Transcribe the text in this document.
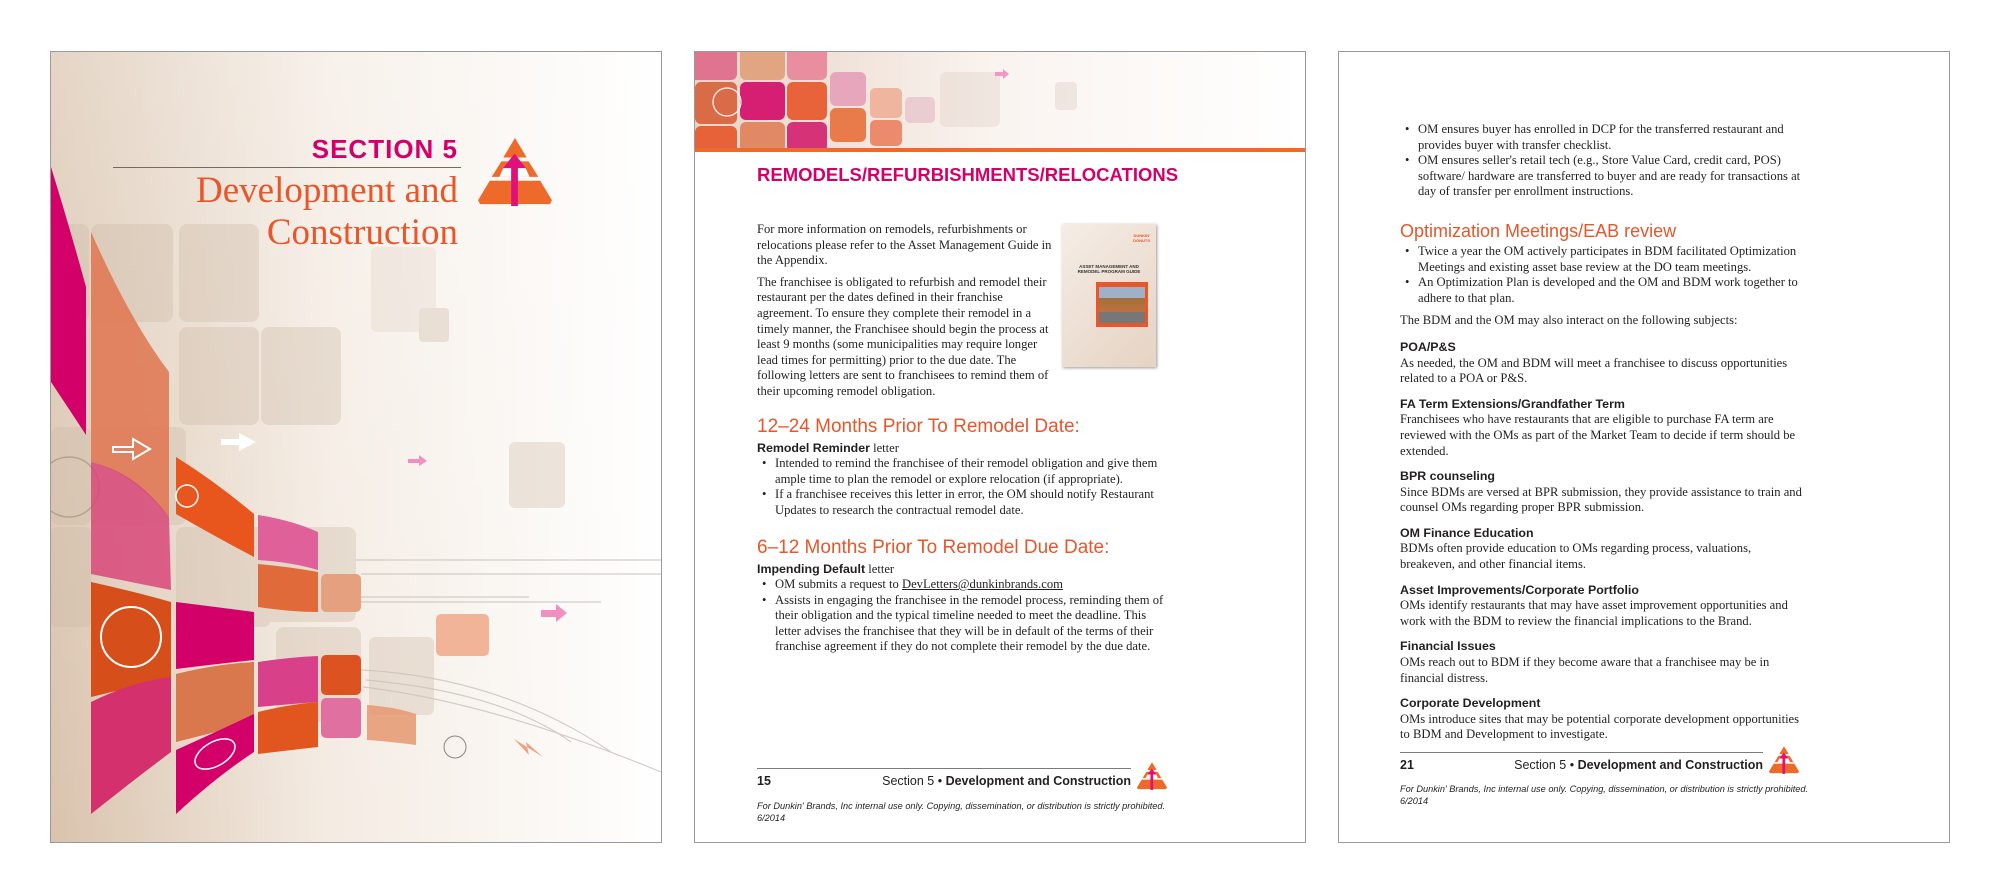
SECTION 5
Development and
Construction
REMODELS/REFURBISHMENTS/RELOCATIONS
DUNKIN' DONUTS
ASSET MANAGEMENT AND REMODEL PROGRAM GUIDE

For more information on remodels, refurbishments or relocations please refer to the Asset Management Guide in the Appendix.

The franchisee is obligated to refurbish and remodel their restaurant per the dates defined in their franchise agreement. To ensure they complete their remodel in a timely manner, the Franchisee should begin the process at least 9 months (some municipalities may require longer lead times for permitting) prior to the due date. The following letters are sent to franchisees to remind them of their upcoming remodel obligation.

12–24 Months Prior To Remodel Date:
Remodel Reminder letter
• Intended to remind the franchisee of their remodel obligation and give them ample time to plan the remodel or explore relocation (if appropriate).
• If a franchisee receives this letter in error, the OM should notify Restaurant Updates to research the contractual remodel date.
6–12 Months Prior To Remodel Due Date:
Impending Default letter
• OM submits a request to DevLetters@dunkinbrands.com
• Assists in engaging the franchisee in the remodel process, reminding them of their obligation and the typical timeline needed to meet the deadline. This letter advises the franchisee that they will be in default of the terms of their franchise agreement if they do not complete their remodel by the due date.
15	Section 5 • Development and Construction
For Dunkin' Brands, Inc internal use only. Copying, dissemination, or distribution is strictly prohibited.
6/2014
• OM ensures buyer has enrolled in DCP for the transferred restaurant and provides buyer with transfer checklist.
• OM ensures seller's retail tech (e.g., Store Value Card, credit card, POS) software/ hardware are transferred to buyer and are ready for transactions at day of transfer per enrollment instructions.
Optimization Meetings/EAB review
• Twice a year the OM actively participates in BDM facilitated Optimization Meetings and existing asset base review at the DO team meetings.
• An Optimization Plan is developed and the OM and BDM work together to adhere to that plan.

The BDM and the OM may also interact on the following subjects:

POA/P&S
As needed, the OM and BDM will meet a franchisee to discuss opportunities related to a POA or P&S.
FA Term Extensions/Grandfather Term
Franchisees who have restaurants that are eligible to purchase FA term are reviewed with the OMs as part of the Market Team to decide if term should be extended.
BPR counseling
Since BDMs are versed at BPR submission, they provide assistance to train and counsel OMs regarding proper BPR submission.
OM Finance Education
BDMs often provide education to OMs regarding process, valuations, breakeven, and other financial items.
Asset Improvements/Corporate Portfolio
OMs identify restaurants that may have asset improvement opportunities and work with the BDM to review the financial implications to the Brand.
Financial Issues
OMs reach out to BDM if they become aware that a franchisee may be in financial distress.
Corporate Development
OMs introduce sites that may be potential corporate development opportunities to BDM and Development to investigate.
21	Section 5 • Development and Construction
For Dunkin' Brands, Inc internal use only. Copying, dissemination, or distribution is strictly prohibited.
6/2014
